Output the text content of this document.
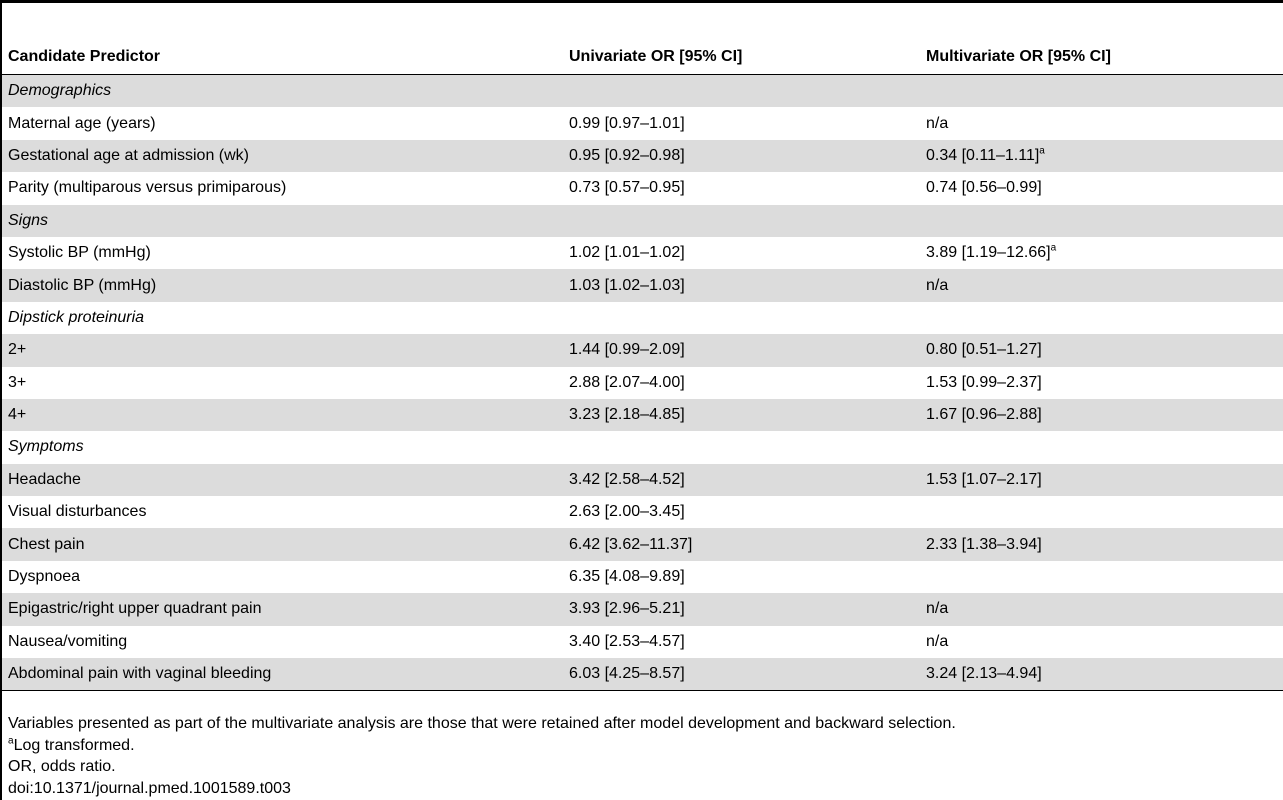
Candidate Predictor	Univariate OR [95% CI]	Multivariate OR [95% CI]
Demographics		
Maternal age (years)	0.99 [0.97–1.01]	n/a
Gestational age at admission (wk)	0.95 [0.92–0.98]	0.34 $[0.11-1.11]^a$
Parity (multiparous versus primiparous)	0.73 [0.57–0.95]	0.74 [0.56–0.99]
Signs		
Systolic BP (mmHg)	1.02 [1.01–1.02]	3.89 $[1.19-12.66]^a$
Diastolic BP (mmHg)	1.03 [1.02–1.03]	n/a
Dipstick proteinuria		
2+	1.44 [0.99–2.09]	0.80 [0.51–1.27]
3+	2.88 [2.07–4.00]	1.53 [0.99–2.37]
4+	3.23 [2.18–4.85]	1.67 [0.96–2.88]
Symptoms		
Headache	3.42 [2.58–4.52]	1.53 [1.07–2.17]
Visual disturbances	2.63 [2.00–3.45]	
Chest pain	6.42 [3.62–11.37]	2.33 [1.38–3.94]
Dyspnoea	6.35 [4.08–9.89]	
Epigastric/right upper quadrant pain	3.93 [2.96–5.21]	n/a
Nausea/vomiting	3.40 [2.53–4.57]	n/a
Abdominal pain with vaginal bleeding	6.03 [4.25–8.57]	3.24 [2.13–4.94]
Variables presented as part of the multivariate analysis are those that were retained after model development and backward selection.
$^a$Log transformed.
OR, odds ratio.
doi:10.1371/journal.pmed.1001589.t003
